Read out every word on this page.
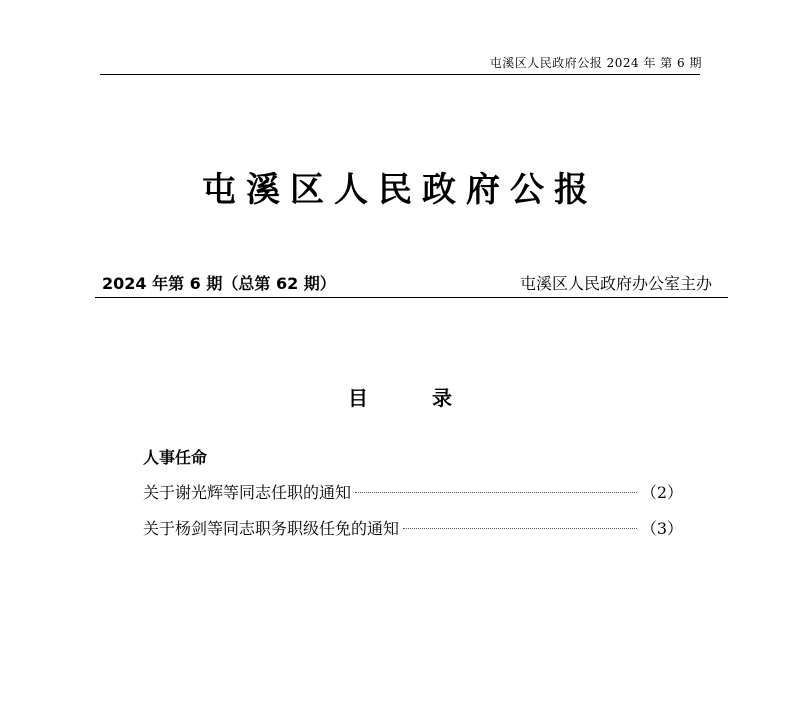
屯溪区人民政府公报 2024 年 第 6 期
屯溪区人民政府公报
2024 年第 6 期（总第 62 期）	屯溪区人民政府办公室主办
目	录
人事任命
关于谢光辉等同志任职的通知	（2）
关于杨剑等同志职务职级任免的通知	（3）
